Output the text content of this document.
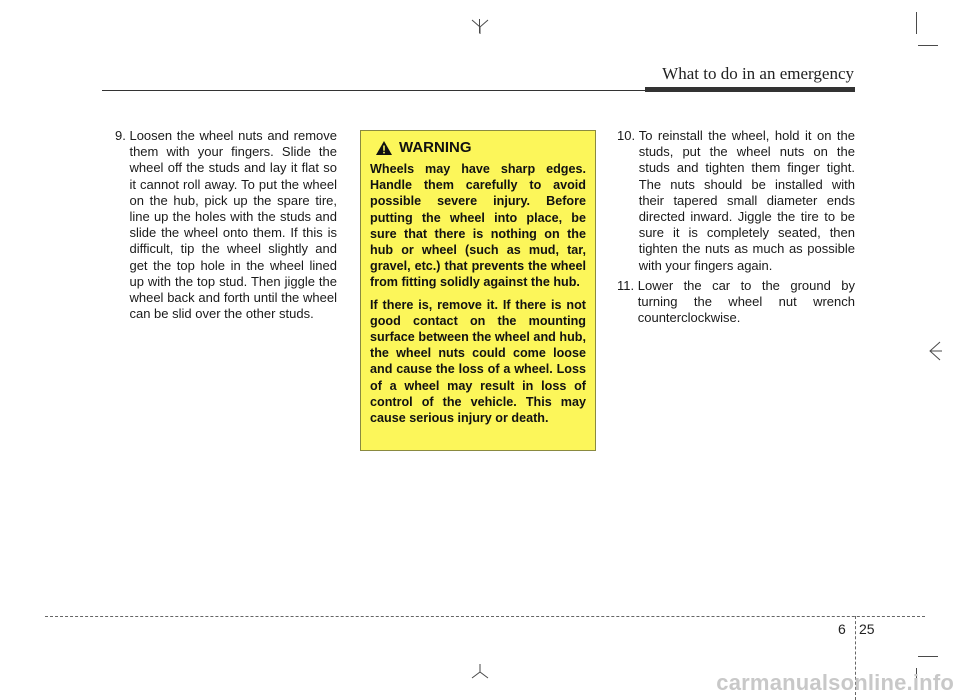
What to do in an emergency
9. Loosen the wheel nuts and remove them with your fingers. Slide the wheel off the studs and lay it flat so it cannot roll away. To put the wheel on the hub, pick up the spare tire, line up the holes with the studs and slide the wheel onto them. If this is difficult, tip the wheel slightly and get the top hole in the wheel lined up with the top stud. Then jiggle the wheel back and forth until the wheel can be slid over the other studs.
WARNING

Wheels may have sharp edges. Handle them carefully to avoid possible severe injury. Before putting the wheel into place, be sure that there is nothing on the hub or wheel (such as mud, tar, gravel, etc.) that prevents the wheel from fitting solidly against the hub.

If there is, remove it. If there is not good contact on the mounting surface between the wheel and hub, the wheel nuts could come loose and cause the loss of a wheel. Loss of a wheel may result in loss of control of the vehicle. This may cause serious injury or death.

10. To reinstall the wheel, hold it on the studs, put the wheel nuts on the studs and tighten them finger tight. The nuts should be installed with their tapered small diameter ends directed inward. Jiggle the tire to be sure it is completely seated, then tighten the nuts as much as possible with your fingers again.
11. Lower the car to the ground by turning the wheel nut wrench counterclockwise.
6 25
carmanualsonline.info
